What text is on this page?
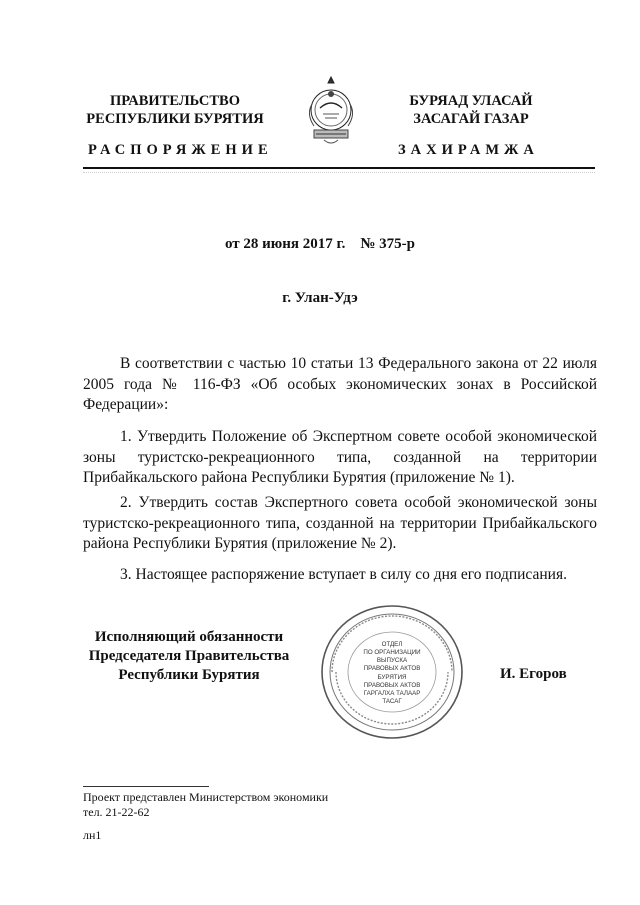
ПРАВИТЕЛЬСТВО
РЕСПУБЛИКИ БУРЯТИЯ
БУРЯАД УЛАСАЙ
ЗАСАГАЙ ГАЗАР
РАСПОРЯЖЕНИЕ	ЗАХИРАМЖА
от 28 июня 2017 г.    № 375-р
г. Улан-Удэ

В соответствии с частью 10 статьи 13 Федерального закона от 22 июля 2005 года № 116-ФЗ «Об особых экономических зонах в Российской Федерации»:

1. Утвердить Положение об Экспертном совете особой экономической зоны туристско-рекреационного типа, созданной на территории Прибайкальского района Республики Бурятия (приложение № 1).

2. Утвердить состав Экспертного совета особой экономической зоны туристско-рекреационного типа, созданной на территории Прибайкальского района Республики Бурятия (приложение № 2).

3. Настоящее распоряжение вступает в силу со дня его подписания.

Исполняющий обязанности
Председателя Правительства
Республики Бурятия
ОТДЕЛ
ПО ОРГАНИЗАЦИИ
ВЫПУСКА
ПРАВОВЫХ АКТОВ
БУРЯТИЯ
ПРАВОВЫХ АКТОВ
ГАРГАЛХА ТАЛААР
ТАСАГ
И. Егоров
Проект представлен Министерством экономики
тел. 21-22-62
лн1
